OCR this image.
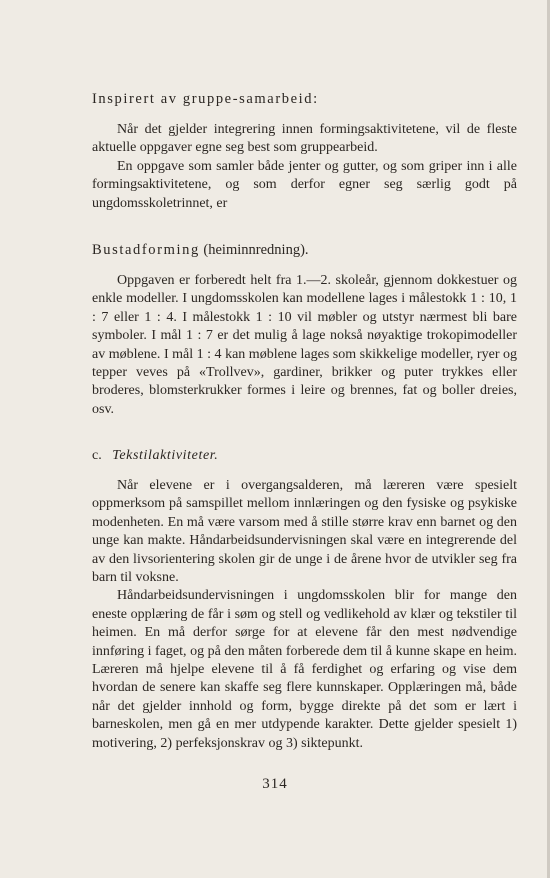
Inspirert av gruppe-samarbeid:

Når det gjelder integrering innen formingsaktivitetene, vil de fleste aktuelle oppgaver egne seg best som gruppearbeid.

En oppgave som samler både jenter og gutter, og som griper inn i alle formingsaktivitetene, og som derfor egner seg særlig godt på ungdomsskoletrinnet, er

Bustadforming (heiminnredning).

Oppgaven er forberedt helt fra 1.—2. skoleår, gjennom dokkestuer og enkle modeller. I ungdomsskolen kan modellene lages i målestokk 1 : 10, 1 : 7 eller 1 : 4. I målestokk 1 : 10 vil møbler og utstyr nærmest bli bare symboler. I mål 1 : 7 er det mulig å lage nokså nøyaktige trokopimodeller av møblene. I mål 1 : 4 kan møblene lages som skikkelige modeller, ryer og tepper veves på «Trollvev», gardiner, brikker og puter trykkes eller broderes, blomsterkrukker formes i leire og brennes, fat og boller dreies, osv.

c. Tekstilaktiviteter.

Når elevene er i overgangsalderen, må læreren være spesielt oppmerksom på samspillet mellom innlæringen og den fysiske og psykiske modenheten. En må være varsom med å stille større krav enn barnet og den unge kan makte. Håndarbeidsundervisningen skal være en integrerende del av den livsorientering skolen gir de unge i de årene hvor de utvikler seg fra barn til voksne.

Håndarbeidsundervisningen i ungdomsskolen blir for mange den eneste opplæring de får i søm og stell og vedlikehold av klær og tekstiler til heimen. En må derfor sørge for at elevene får den mest nødvendige innføring i faget, og på den måten forberede dem til å kunne skape en heim. Læreren må hjelpe elevene til å få ferdighet og erfaring og vise dem hvordan de senere kan skaffe seg flere kunnskaper. Opplæringen må, både når det gjelder innhold og form, bygge direkte på det som er lært i barneskolen, men gå en mer utdypende karakter. Dette gjelder spesielt 1) motivering, 2) perfeksjonskrav og 3) siktepunkt.

314
